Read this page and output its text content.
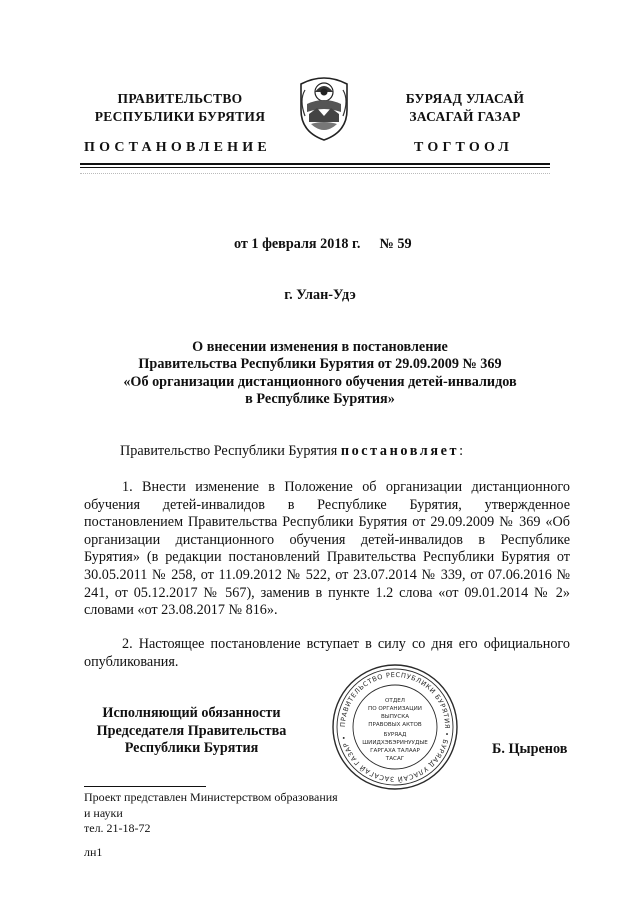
ПРАВИТЕЛЬСТВО
РЕСПУБЛИКИ БУРЯТИЯ
БУРЯАД УЛАСАЙ
ЗАСАГАЙ ГАЗАР
ПОСТАНОВЛЕНИЕ	ТОГТООЛ
от 1 февраля 2018 г. № 59
г. Улан-Удэ
О внесении изменения в постановление
Правительства Республики Бурятия от 29.09.2009 № 369
«Об организации дистанционного обучения детей-инвалидов
в Республике Бурятия»
Правительство Республики Бурятия постановляет:
1. Внести изменение в Положение об организации дистанционного обучения детей-инвалидов в Республике Бурятия, утвержденное постановлением Правительства Республики Бурятия от 29.09.2009 № 369 «Об организации дистанционного обучения детей-инвалидов в Республике Бурятия» (в редакции постановлений Правительства Республики Бурятия от 30.05.2011 № 258, от 11.09.2012 № 522, от 23.07.2014 № 339, от 07.06.2016 № 241, от 05.12.2017 № 567), заменив в пункте 1.2 слова «от 09.01.2014 № 2» словами «от 23.08.2017 № 816».
2. Настоящее постановление вступает в силу со дня его официального опубликования.
Исполняющий обязанности
Председателя Правительства
Республики Бурятия
ПРАВИТЕЛЬСТВО РЕСПУБЛИКИ БУРЯТИЯ • БУРЯАД УЛАСАЙ ЗАСАГАЙ ГАЗАР •
ОТДЕЛ
ПО ОРГАНИЗАЦИИ
ВЫПУСКА
ПРАВОВЫХ АКТОВ
БУРЯАД
ШИИДХЭБЭРИНУУДЫЕ
ГАРГАХА ТАЛААР
ТАСАГ
Б. Цыренов
Проект представлен Министерством образования
и науки
тел. 21-18-72
лн1
